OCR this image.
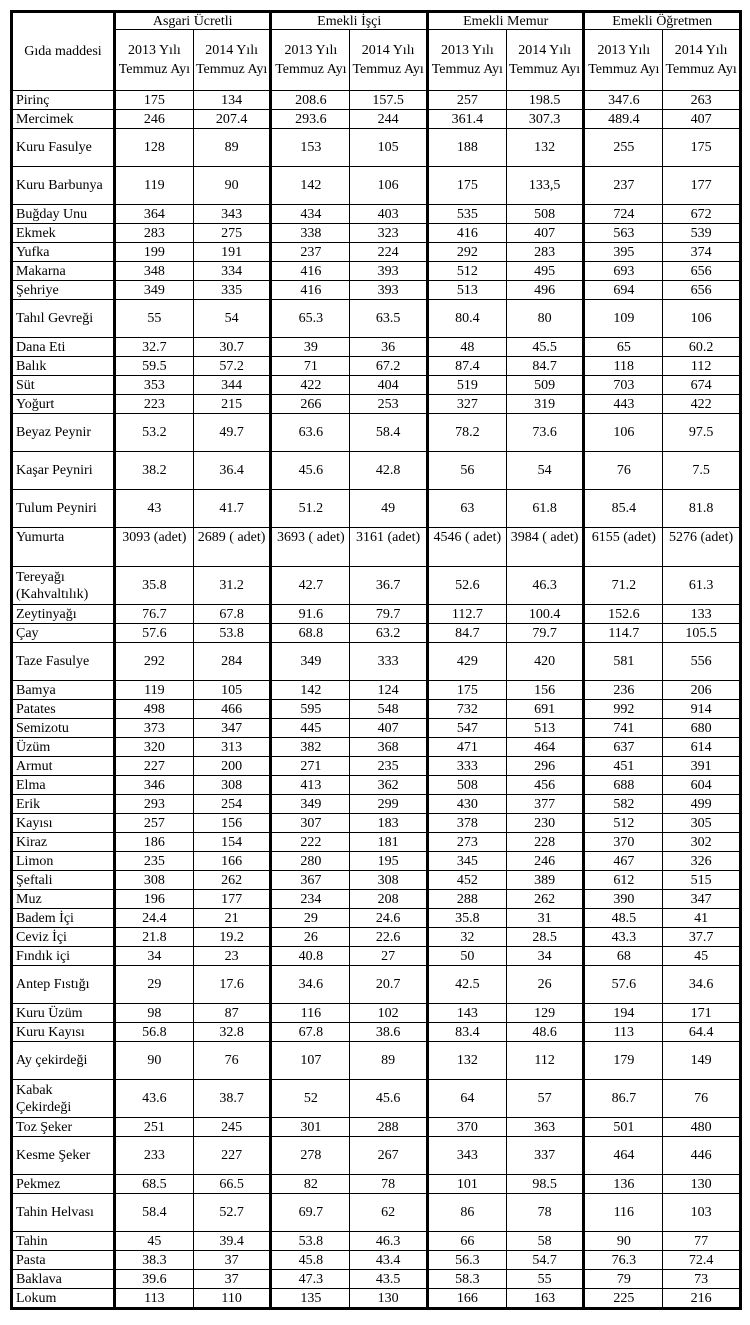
Gıda maddesi	Asgari Ücretli		Emekli İşçi		Emekli Memur		Emekli Öğretmen	
	2013 Yılı Temmuz Ayı	2014 Yılı Temmuz Ayı	2013 Yılı Temmuz Ayı	2014 Yılı Temmuz Ayı	2013 Yılı Temmuz Ayı	2014 Yılı Temmuz Ayı	2013 Yılı Temmuz Ayı	2014 Yılı Temmuz Ayı
Pirinç	175	134	208.6	157.5	257	198.5	347.6	263
Mercimek	246	207.4	293.6	244	361.4	307.3	489.4	407
Kuru Fasulye	128	89	153	105	188	132	255	175
Kuru Barbunya	119	90	142	106	175	133,5	237	177
Buğday Unu	364	343	434	403	535	508	724	672
Ekmek	283	275	338	323	416	407	563	539
Yufka	199	191	237	224	292	283	395	374
Makarna	348	334	416	393	512	495	693	656
Şehriye	349	335	416	393	513	496	694	656
Tahıl Gevreği	55	54	65.3	63.5	80.4	80	109	106
Dana Eti	32.7	30.7	39	36	48	45.5	65	60.2
Balık	59.5	57.2	71	67.2	87.4	84.7	118	112
Süt	353	344	422	404	519	509	703	674
Yoğurt	223	215	266	253	327	319	443	422
Beyaz Peynir	53.2	49.7	63.6	58.4	78.2	73.6	106	97.5
Kaşar Peyniri	38.2	36.4	45.6	42.8	56	54	76	7.5
Tulum Peyniri	43	41.7	51.2	49	63	61.8	85.4	81.8
Yumurta	3093 (adet)	2689 ( adet)	3693 ( adet)	3161 (adet)	4546 ( adet)	3984 ( adet)	6155 (adet)	5276 (adet)
Tereyağı (Kahvaltılık)	35.8	31.2	42.7	36.7	52.6	46.3	71.2	61.3
Zeytinyağı	76.7	67.8	91.6	79.7	112.7	100.4	152.6	133
Çay	57.6	53.8	68.8	63.2	84.7	79.7	114.7	105.5
Taze Fasulye	292	284	349	333	429	420	581	556
Bamya	119	105	142	124	175	156	236	206
Patates	498	466	595	548	732	691	992	914
Semizotu	373	347	445	407	547	513	741	680
Üzüm	320	313	382	368	471	464	637	614
Armut	227	200	271	235	333	296	451	391
Elma	346	308	413	362	508	456	688	604
Erik	293	254	349	299	430	377	582	499
Kayısı	257	156	307	183	378	230	512	305
Kiraz	186	154	222	181	273	228	370	302
Limon	235	166	280	195	345	246	467	326
Şeftali	308	262	367	308	452	389	612	515
Muz	196	177	234	208	288	262	390	347
Badem İçi	24.4	21	29	24.6	35.8	31	48.5	41
Ceviz İçi	21.8	19.2	26	22.6	32	28.5	43.3	37.7
Fındık içi	34	23	40.8	27	50	34	68	45
Antep Fıstığı	29	17.6	34.6	20.7	42.5	26	57.6	34.6
Kuru Üzüm	98	87	116	102	143	129	194	171
Kuru Kayısı	56.8	32.8	67.8	38.6	83.4	48.6	113	64.4
Ay çekirdeği	90	76	107	89	132	112	179	149
Kabak Çekirdeği	43.6	38.7	52	45.6	64	57	86.7	76
Toz Şeker	251	245	301	288	370	363	501	480
Kesme Şeker	233	227	278	267	343	337	464	446
Pekmez	68.5	66.5	82	78	101	98.5	136	130
Tahin Helvası	58.4	52.7	69.7	62	86	78	116	103
Tahin	45	39.4	53.8	46.3	66	58	90	77
Pasta	38.3	37	45.8	43.4	56.3	54.7	76.3	72.4
Baklava	39.6	37	47.3	43.5	58.3	55	79	73
Lokum	113	110	135	130	166	163	225	216
